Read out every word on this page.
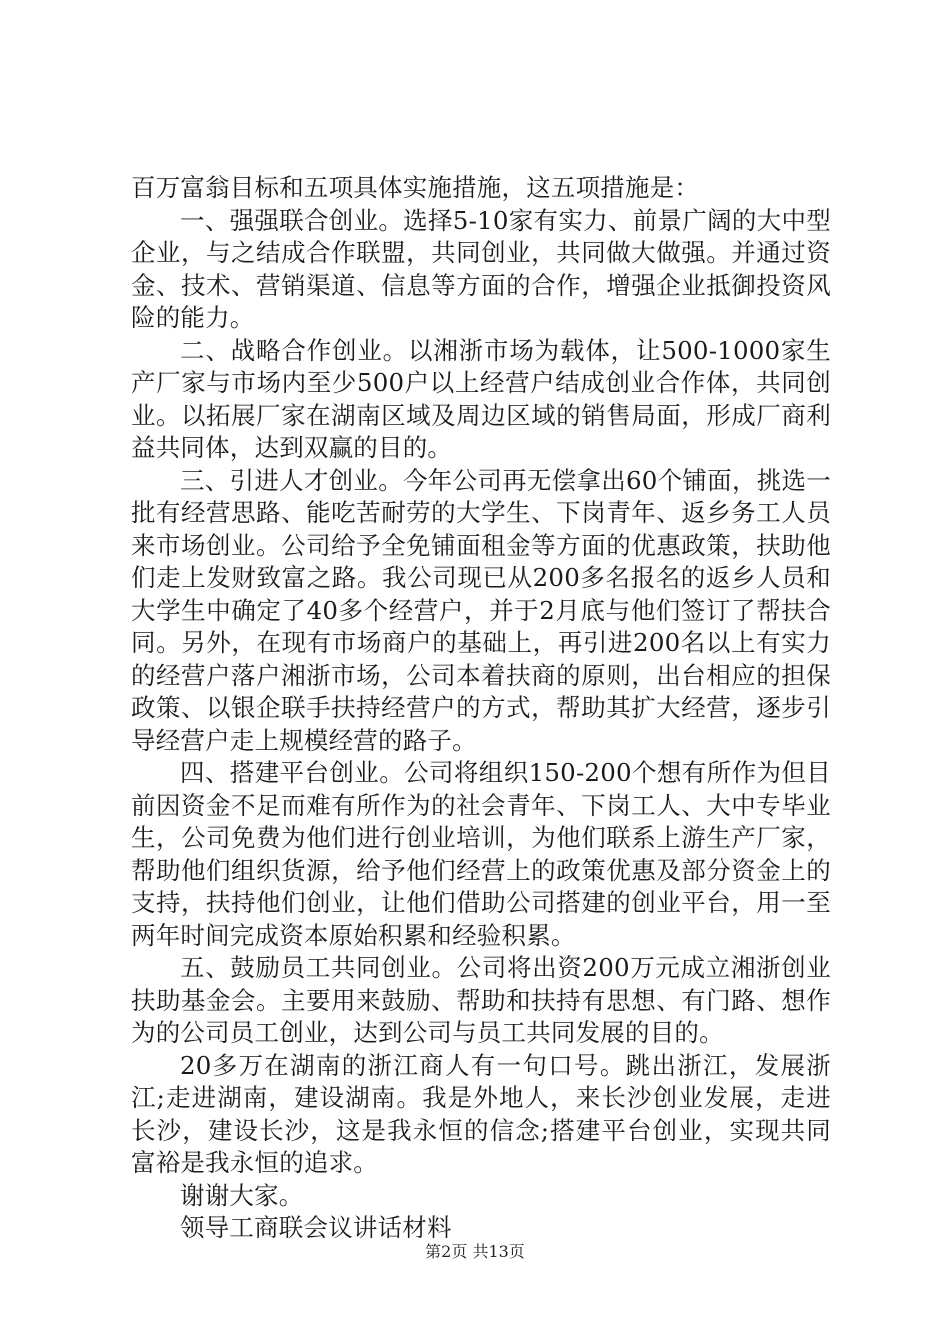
百万富翁目标和五项具体实施措施，这五项措施是：

一、强强联合创业。选择5-10家有实力、前景广阔的大中型企业，与之结成合作联盟，共同创业，共同做大做强。并通过资金、技术、营销渠道、信息等方面的合作，增强企业抵御投资风险的能力。

二、战略合作创业。以湘浙市场为载体，让500-1000家生产厂家与市场内至少500户以上经营户结成创业合作体，共同创业。以拓展厂家在湖南区域及周边区域的销售局面，形成厂商利益共同体，达到双赢的目的。

三、引进人才创业。今年公司再无偿拿出60个铺面，挑选一批有经营思路、能吃苦耐劳的大学生、下岗青年、返乡务工人员来市场创业。公司给予全免铺面租金等方面的优惠政策，扶助他们走上发财致富之路。我公司现已从200多名报名的返乡人员和大学生中确定了40多个经营户，并于2月底与他们签订了帮扶合同。另外，在现有市场商户的基础上，再引进200名以上有实力的经营户落户湘浙市场，公司本着扶商的原则，出台相应的担保政策、以银企联手扶持经营户的方式，帮助其扩大经营，逐步引导经营户走上规模经营的路子。

四、搭建平台创业。公司将组织150-200个想有所作为但目前因资金不足而难有所作为的社会青年、下岗工人、大中专毕业生，公司免费为他们进行创业培训，为他们联系上游生产厂家，帮助他们组织货源，给予他们经营上的政策优惠及部分资金上的支持，扶持他们创业，让他们借助公司搭建的创业平台，用一至两年时间完成资本原始积累和经验积累。

五、鼓励员工共同创业。公司将出资200万元成立湘浙创业扶助基金会。主要用来鼓励、帮助和扶持有思想、有门路、想作为的公司员工创业，达到公司与员工共同发展的目的。

20多万在湖南的浙江商人有一句口号。跳出浙江，发展浙江;走进湖南，建设湖南。我是外地人，来长沙创业发展，走进长沙，建设长沙，这是我永恒的信念;搭建平台创业，实现共同富裕是我永恒的追求。

谢谢大家。

领导工商联会议讲话材料

第2页 共13页
